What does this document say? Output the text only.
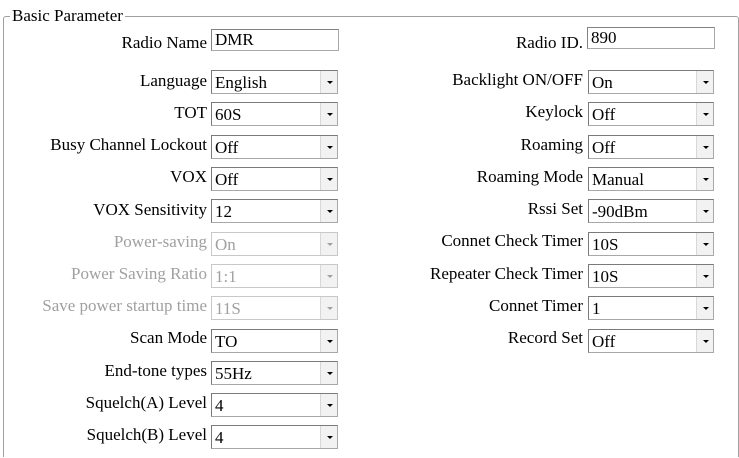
Basic Parameter
Radio Name DMR
Language English
TOT 60S
Busy Channel Lockout Off
VOX Off
VOX Sensitivity 12
Power-saving On
Power Saving Ratio 1:1
Save power startup time 11S
Scan Mode TO
End-tone types 55Hz
Squelch(A) Level 4
Squelch(B) Level 4
Radio ID. 890
Backlight ON/OFF On
Keylock Off
Roaming Off
Roaming Mode Manual
Rssi Set -90dBm
Connet Check Timer 10S
Repeater Check Timer 10S
Connet Timer 1
Record Set Off
